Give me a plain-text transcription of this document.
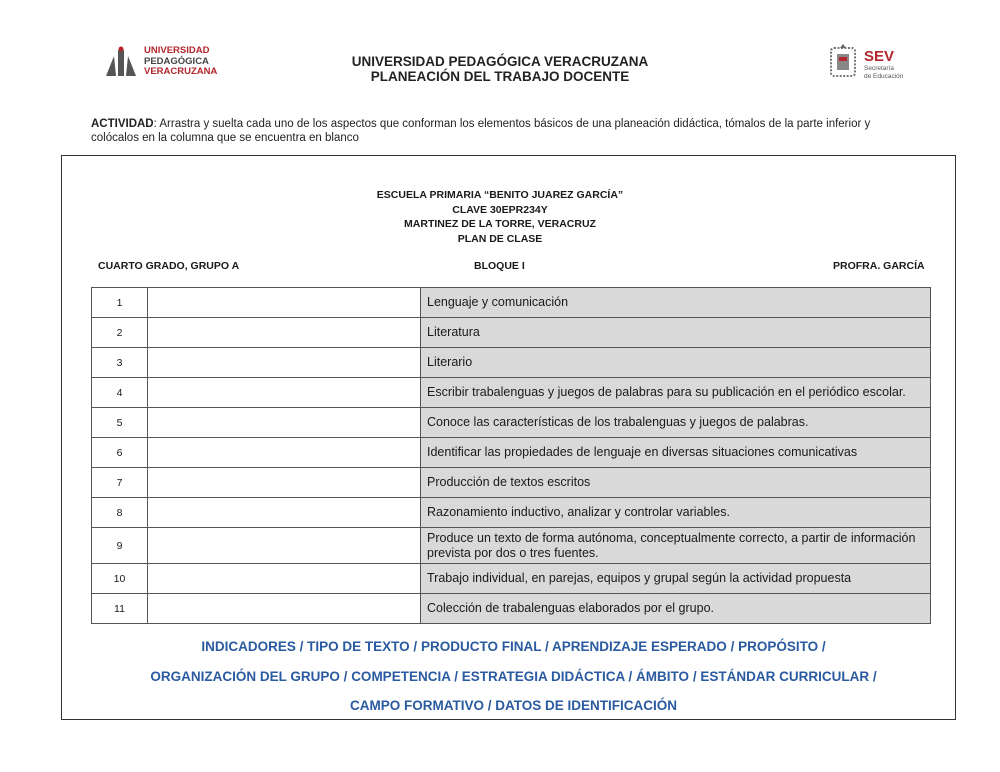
UNIVERSIDAD
PEDAGÓGICA
VERACRUZANA
UNIVERSIDAD PEDAGÓGICA VERACRUZANA
PLANEACIÓN DEL TRABAJO DOCENTE
SEV
Secretaría
de Educación
ACTIVIDAD: Arrastra y suelta cada uno de los aspectos que conforman los elementos básicos de una planeación didáctica, tómalos de la parte inferior y colócalos en la columna que se encuentra en blanco
ESCUELA PRIMARIA “BENITO JUAREZ GARCÍA”
CLAVE 30EPR234Y
MARTINEZ DE LA TORRE, VERACRUZ
PLAN DE CLASE
CUARTO GRADO, GRUPO A	BLOQUE I	PROFRA. GARCÍA
1		Lenguaje y comunicación
2		Literatura
3		Literario
4		Escribir trabalenguas y juegos de palabras para su publicación en el periódico escolar.
5		Conoce las características de los trabalenguas y juegos de palabras.
6		Identificar las propiedades de lenguaje en diversas situaciones comunicativas
7		Producción de textos escritos
8		Razonamiento inductivo, analizar y controlar variables.
9		Produce un texto de forma autónoma, conceptualmente correcto, a partir de información prevista por dos o tres fuentes.
10		Trabajo individual, en parejas, equipos y grupal según la actividad propuesta
11		Colección de trabalenguas elaborados por el grupo.
INDICADORES / TIPO DE TEXTO / PRODUCTO FINAL / APRENDIZAJE ESPERADO / PROPÓSITO /
ORGANIZACIÓN DEL GRUPO / COMPETENCIA / ESTRATEGIA DIDÁCTICA / ÁMBITO / ESTÁNDAR CURRICULAR /
CAMPO FORMATIVO / DATOS DE IDENTIFICACIÓN
